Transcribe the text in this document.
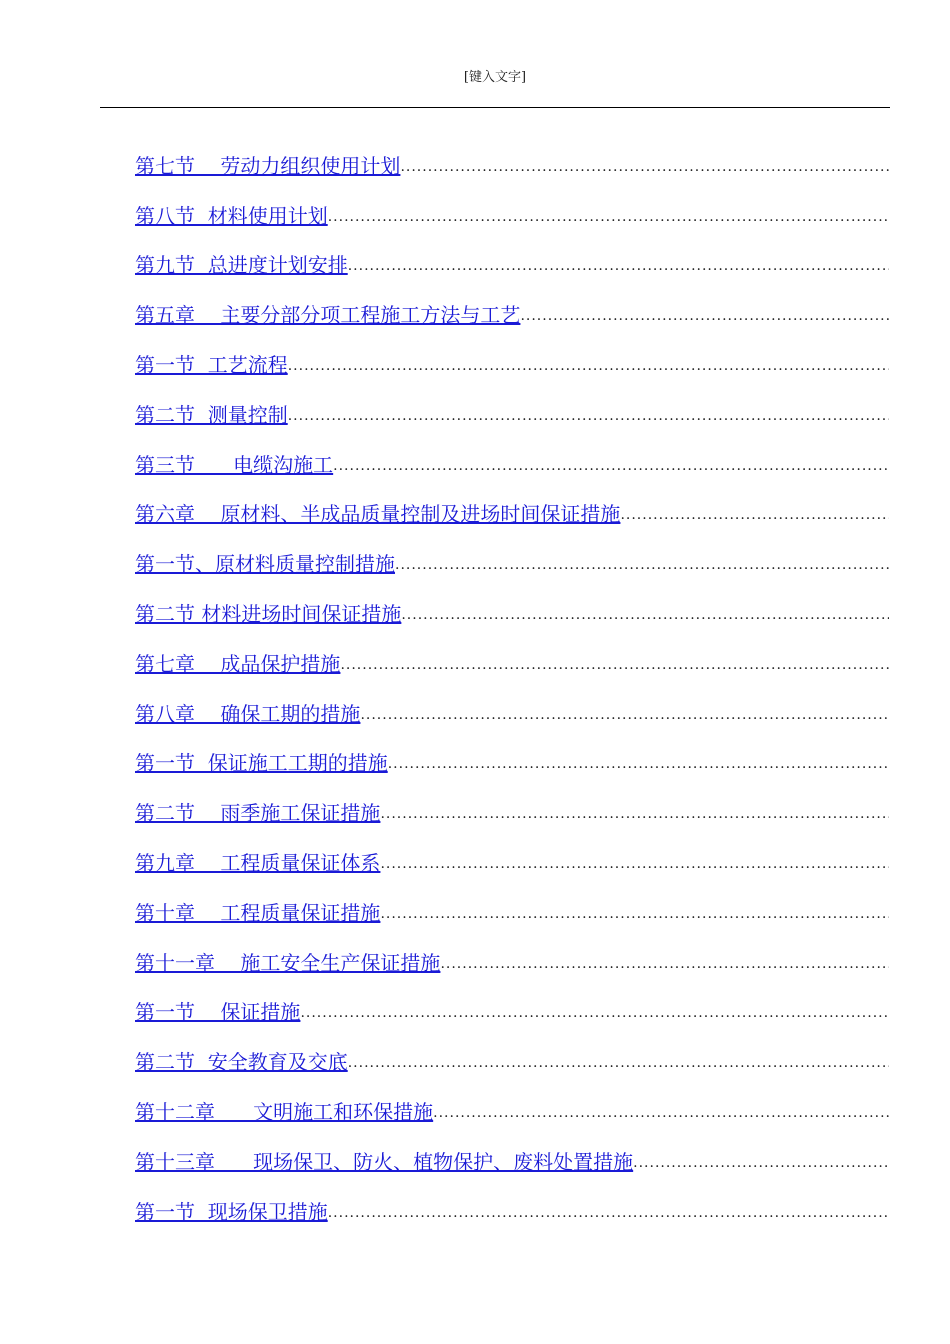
[键入文字]
第七节    劳动力组织使用计划
.....
第八节  材料使用计划
.....
第九节  总进度计划安排
.....
第五章    主要分部分项工程施工方法与工艺
.....
第一节  工艺流程
.....
第二节  测量控制
.....
第三节      电缆沟施工
.....
第六章    原材料、半成品质量控制及进场时间保证措施
.....
第一节、原材料质量控制措施
.....
第二节 材料进场时间保证措施
.....
第七章    成品保护措施
.....
第八章    确保工期的措施
.....
第一节  保证施工工期的措施
.....
第二节    雨季施工保证措施
.....
第九章    工程质量保证体系
.....
第十章    工程质量保证措施
.....
第十一章    施工安全生产保证措施
.....
第一节    保证措施
.....
第二节  安全教育及交底
.....
第十二章      文明施工和环保措施
.....
第十三章      现场保卫、防火、植物保护、废料处置措施
.....
第一节  现场保卫措施
.....
